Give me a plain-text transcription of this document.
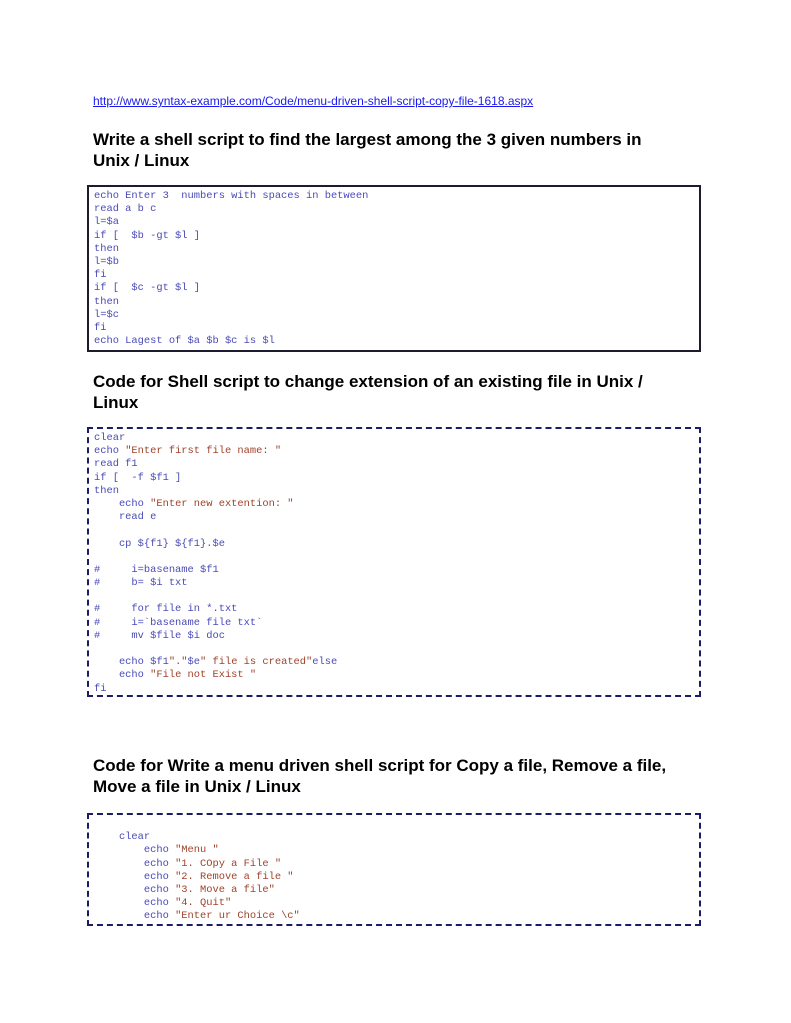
http://www.syntax-example.com/Code/menu-driven-shell-script-copy-file-1618.aspx
Write a shell script to find the largest among the 3 given numbers in
Unix / Linux
echo Enter 3  numbers with spaces in between
read a b c
l=$a
if [  $b -gt $l ]
then
l=$b
fi
if [  $c -gt $l ]
then
l=$c
fi
echo Lagest of $a $b $c is $l
Code for Shell script to change extension of an existing file in Unix /
Linux
clear
echo "Enter first file name: "
read f1
if [  -f $f1 ]
then
echo "Enter new extention: "
read e
cp ${f1} ${f1}.$e
#     i=basename $f1
#     b= $i txt
#     for file in *.txt
#     i=`basename file txt`
#     mv $file $i doc
echo $f1"."$e" file is created"else
echo "File not Exist "
fi
Code for Write a menu driven shell script for Copy a file, Remove a file,
Move a file in Unix / Linux
clear
echo "Menu "
echo "1. COpy a File "
echo "2. Remove a file "
echo "3. Move a file"
echo "4. Quit"
echo "Enter ur Choice \c"
